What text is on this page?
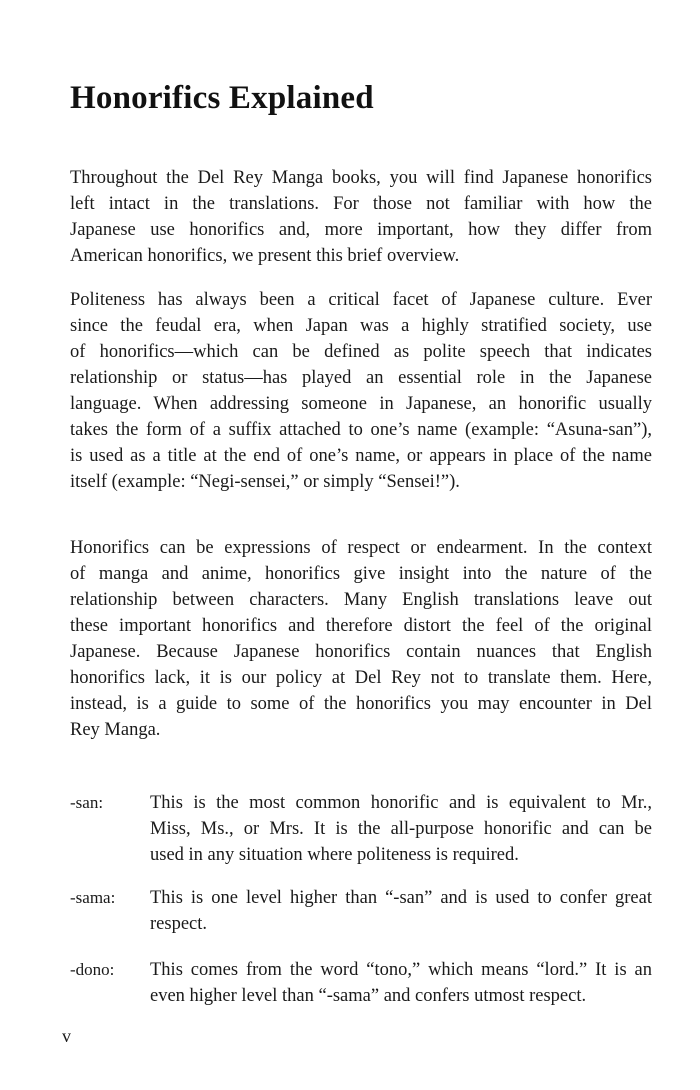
Honorifics Explained
Throughout the Del Rey Manga books, you will find Japanese honorifics
left intact in the translations. For those not familiar with how the
Japanese use honorifics and, more important, how they differ from
American honorifics, we present this brief overview.
Politeness has always been a critical facet of Japanese culture. Ever
since the feudal era, when Japan was a highly stratified society, use
of honorifics—which can be defined as polite speech that indicates
relationship or status—has played an essential role in the Japanese
language. When addressing someone in Japanese, an honorific usually
takes the form of a suffix attached to one’s name (example: “Asuna-san”),
is used as a title at the end of one’s name, or appears in place of the name
itself (example: “Negi-sensei,” or simply “Sensei!”).
Honorifics can be expressions of respect or endearment. In the context
of manga and anime, honorifics give insight into the nature of the
relationship between characters. Many English translations leave out
these important honorifics and therefore distort the feel of the original
Japanese. Because Japanese honorifics contain nuances that English
honorifics lack, it is our policy at Del Rey not to translate them. Here,
instead, is a guide to some of the honorifics you may encounter in Del
Rey Manga.
-san:	This is the most common honorific and is equivalent to Mr.,
Miss, Ms., or Mrs. It is the all-purpose honorific and can be
used in any situation where politeness is required.
-sama: This is one level higher than “-san” and is used to confer great
respect.
-dono: This comes from the word “tono,” which means “lord.” It is an
even higher level than “-sama” and confers utmost respect.
v
